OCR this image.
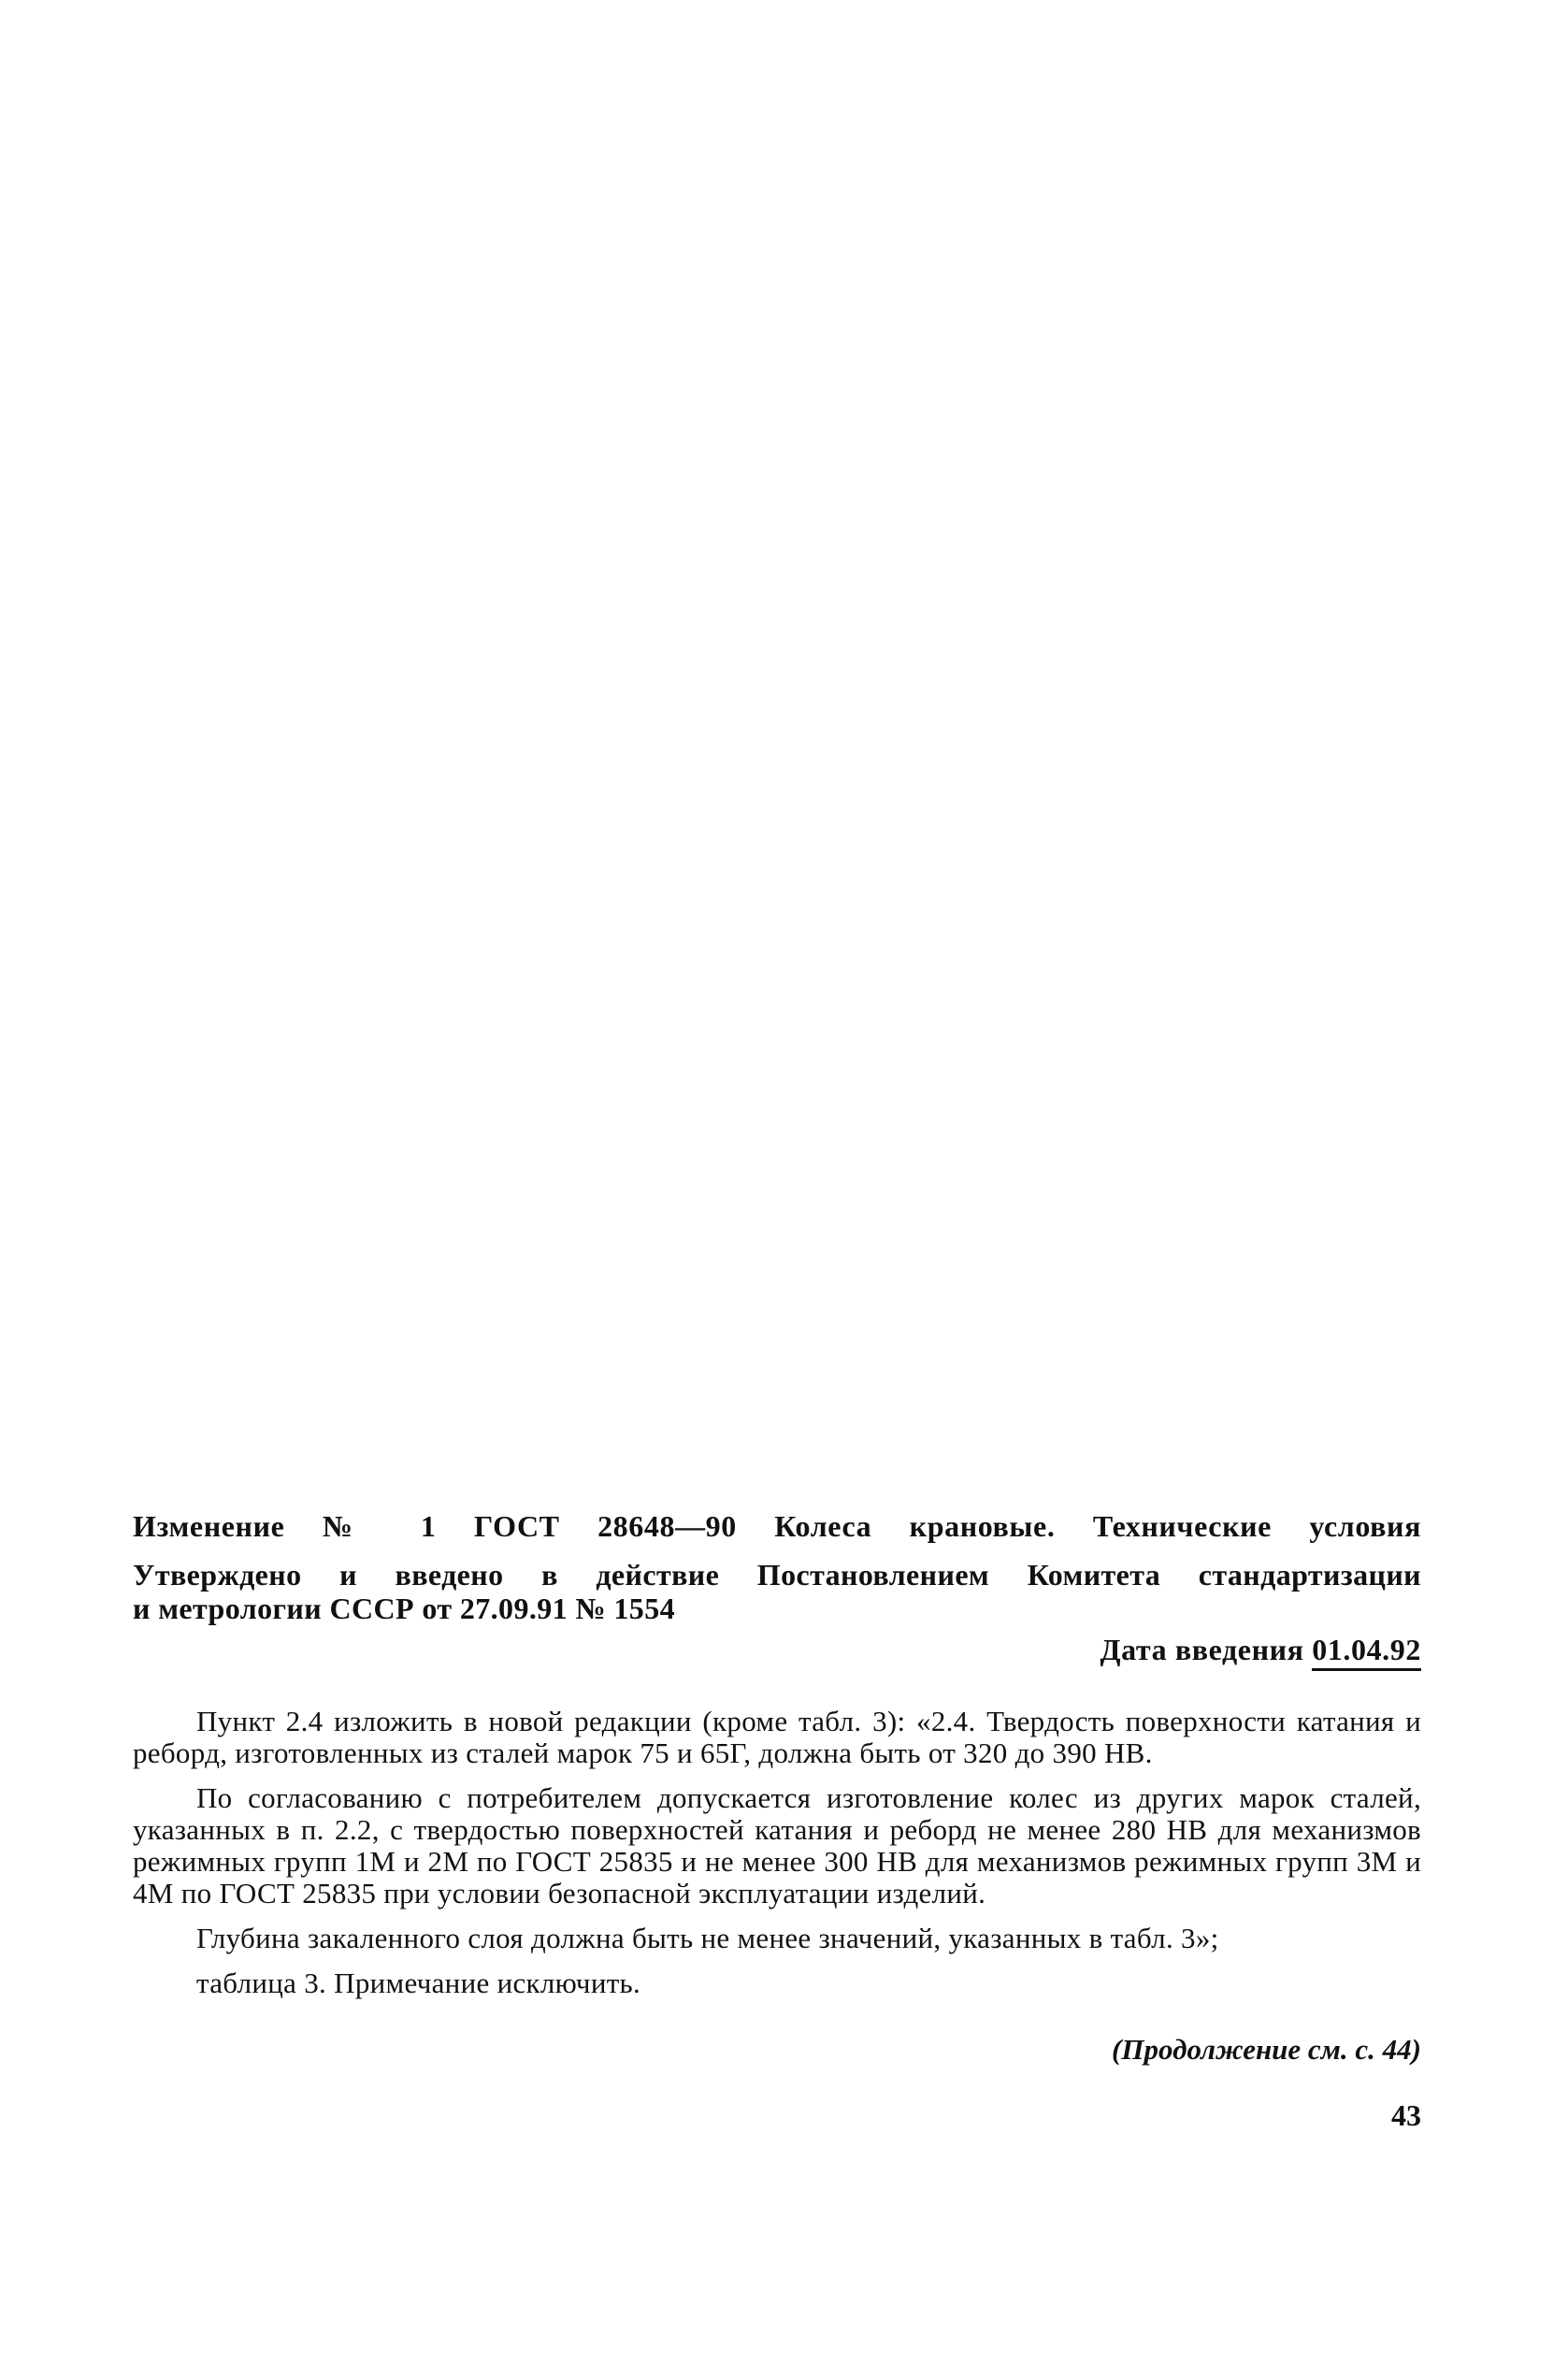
Изменение № 1 ГОСТ 28648—90 Колеса крановые. Технические условия

Утверждено и введено в действие Постановлением Комитета стандартизации
и метрологии СССР от 27.09.91 № 1554

Дата введения 01.04.92

Пункт 2.4 изложить в новой редакции (кроме табл. 3): «2.4. Твердость поверхности катания и реборд, изготовленных из сталей марок 75 и 65Г, должна быть от 320 до 390 НВ.

По согласованию с потребителем допускается изготовление колес из других марок сталей, указанных в п. 2.2, с твердостью поверхностей катания и реборд не менее 280 НВ для механизмов режимных групп 1М и 2М по ГОСТ 25835 и не менее 300 НВ для механизмов режимных групп 3М и 4М по ГОСТ 25835 при условии безопасной эксплуатации изделий.

Глубина закаленного слоя должна быть не менее значений, указанных в табл. 3»;

таблица 3. Примечание исключить.

(Продолжение см. с. 44)
43
